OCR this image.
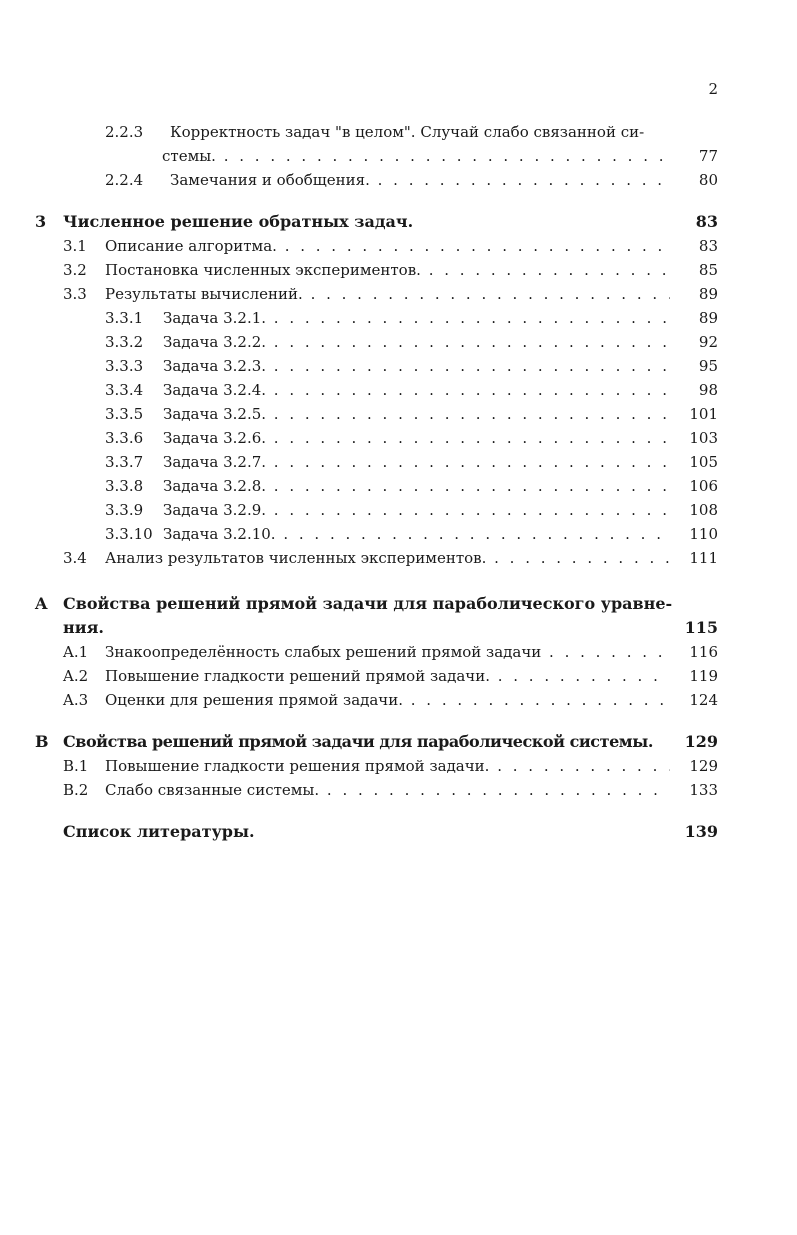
2
2.2.3 Корректность задач "в целом". Случай слабо связанной си-
стемы. . . .	77
2.2.4 Замечания и обобщения. . . .	80
3 Численное решение обратных задач.	83
3.1 Описание алгоритма. . . .	83
3.2 Постановка численных экспериментов. . . .	85
3.3 Результаты вычислений. . . .	89
3.3.1 Задача 3.2.1. . . .	89
3.3.2 Задача 3.2.2. . . .	92
3.3.3 Задача 3.2.3. . . .	95
3.3.4 Задача 3.2.4. . . .	98
3.3.5 Задача 3.2.5. . . .	101
3.3.6 Задача 3.2.6. . . .	103
3.3.7 Задача 3.2.7. . . .	105
3.3.8 Задача 3.2.8. . . .	106
3.3.9 Задача 3.2.9. . . .	108
3.3.10 Задача 3.2.10. . . .	110
3.4 Анализ результатов численных экспериментов. . . .	111
A Свойства решений прямой задачи для параболического уравне-
ния.	115
A.1 Знакоопределённость слабых решений прямой задачи . . .	116
A.2 Повышение гладкости решений прямой задачи. . . .	119
A.3 Оценки для решения прямой задачи. . . .	124
B Свойства решений прямой задачи для параболической системы.	129
B.1 Повышение гладкости решения прямой задачи. . . .	129
B.2 Слабо связанные системы. . . .	133
Список литературы.	139
